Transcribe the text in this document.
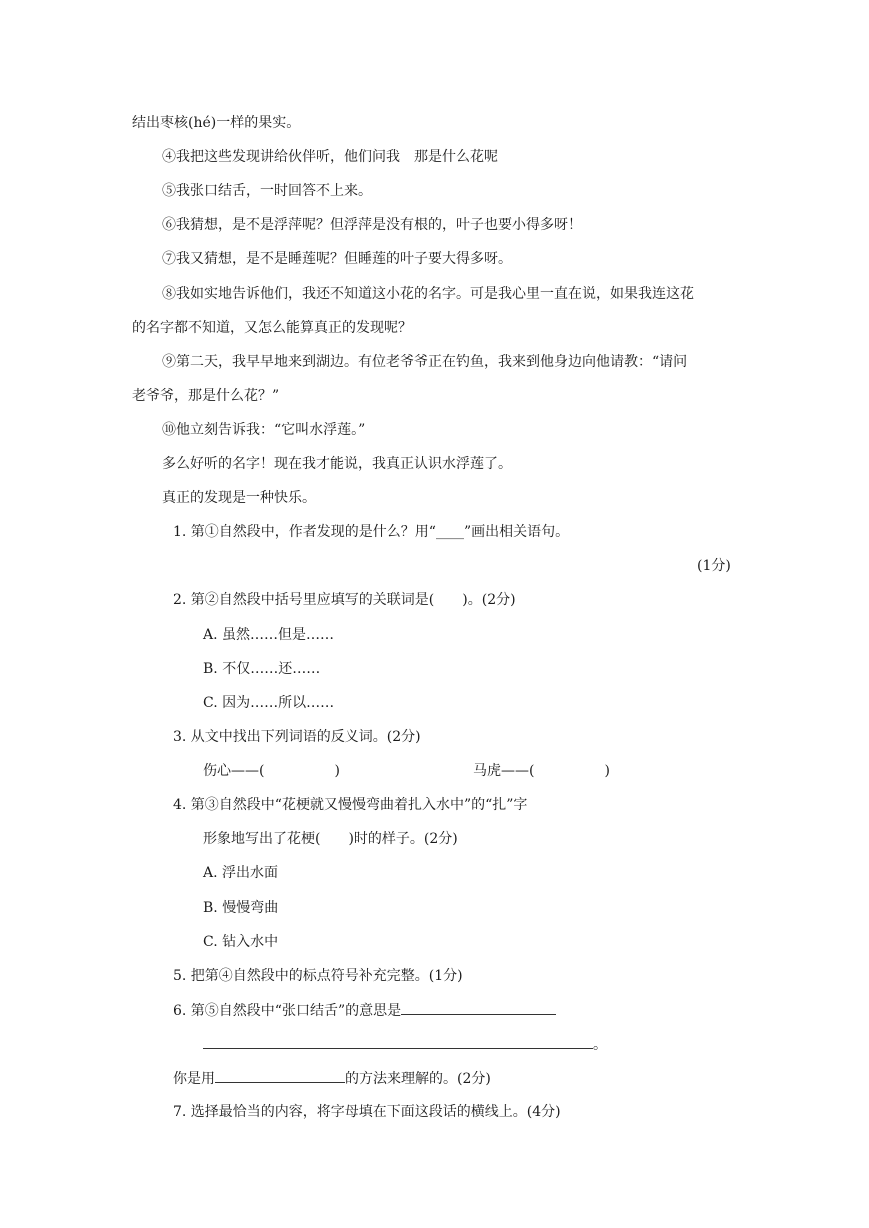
结出枣核(hé)一样的果实。
④我把这些发现讲给伙伴听，他们问我　那是什么花呢
⑤我张口结舌，一时回答不上来。
⑥我猜想，是不是浮萍呢？但浮萍是没有根的，叶子也要小得多呀！
⑦我又猜想，是不是睡莲呢？但睡莲的叶子要大得多呀。
⑧我如实地告诉他们，我还不知道这小花的名字。可是我心里一直在说，如果我连这花
的名字都不知道，又怎么能算真正的发现呢？
⑨第二天，我早早地来到湖边。有位老爷爷正在钓鱼，我来到他身边向他请教：“请问
老爷爷，那是什么花？”
⑩他立刻告诉我：“它叫水浮莲。”
多么好听的名字！现在我才能说，我真正认识水浮莲了。
真正的发现是一种快乐。
1. 第①自然段中，作者发现的是什么？用“____”画出相关语句。
(1分)
2. 第②自然段中括号里应填写的关联词是(　　)。(2分)
A. 虽然……但是……
B. 不仅……还……
C. 因为……所以……
3. 从文中找出下列词语的反义词。(2分)
伤心——(　　　　　)	马虎——(　　　　　)
4. 第③自然段中“花梗就又慢慢弯曲着扎入水中”的“扎”字
形象地写出了花梗(　　)时的样子。(2分)
A. 浮出水面
B. 慢慢弯曲
C. 钻入水中
5. 把第④自然段中的标点符号补充完整。(1分)
6. 第⑤自然段中“张口结舌”的意思是
。
你是用	的方法来理解的。(2分)
7. 选择最恰当的内容，将字母填在下面这段话的横线上。(4分)
